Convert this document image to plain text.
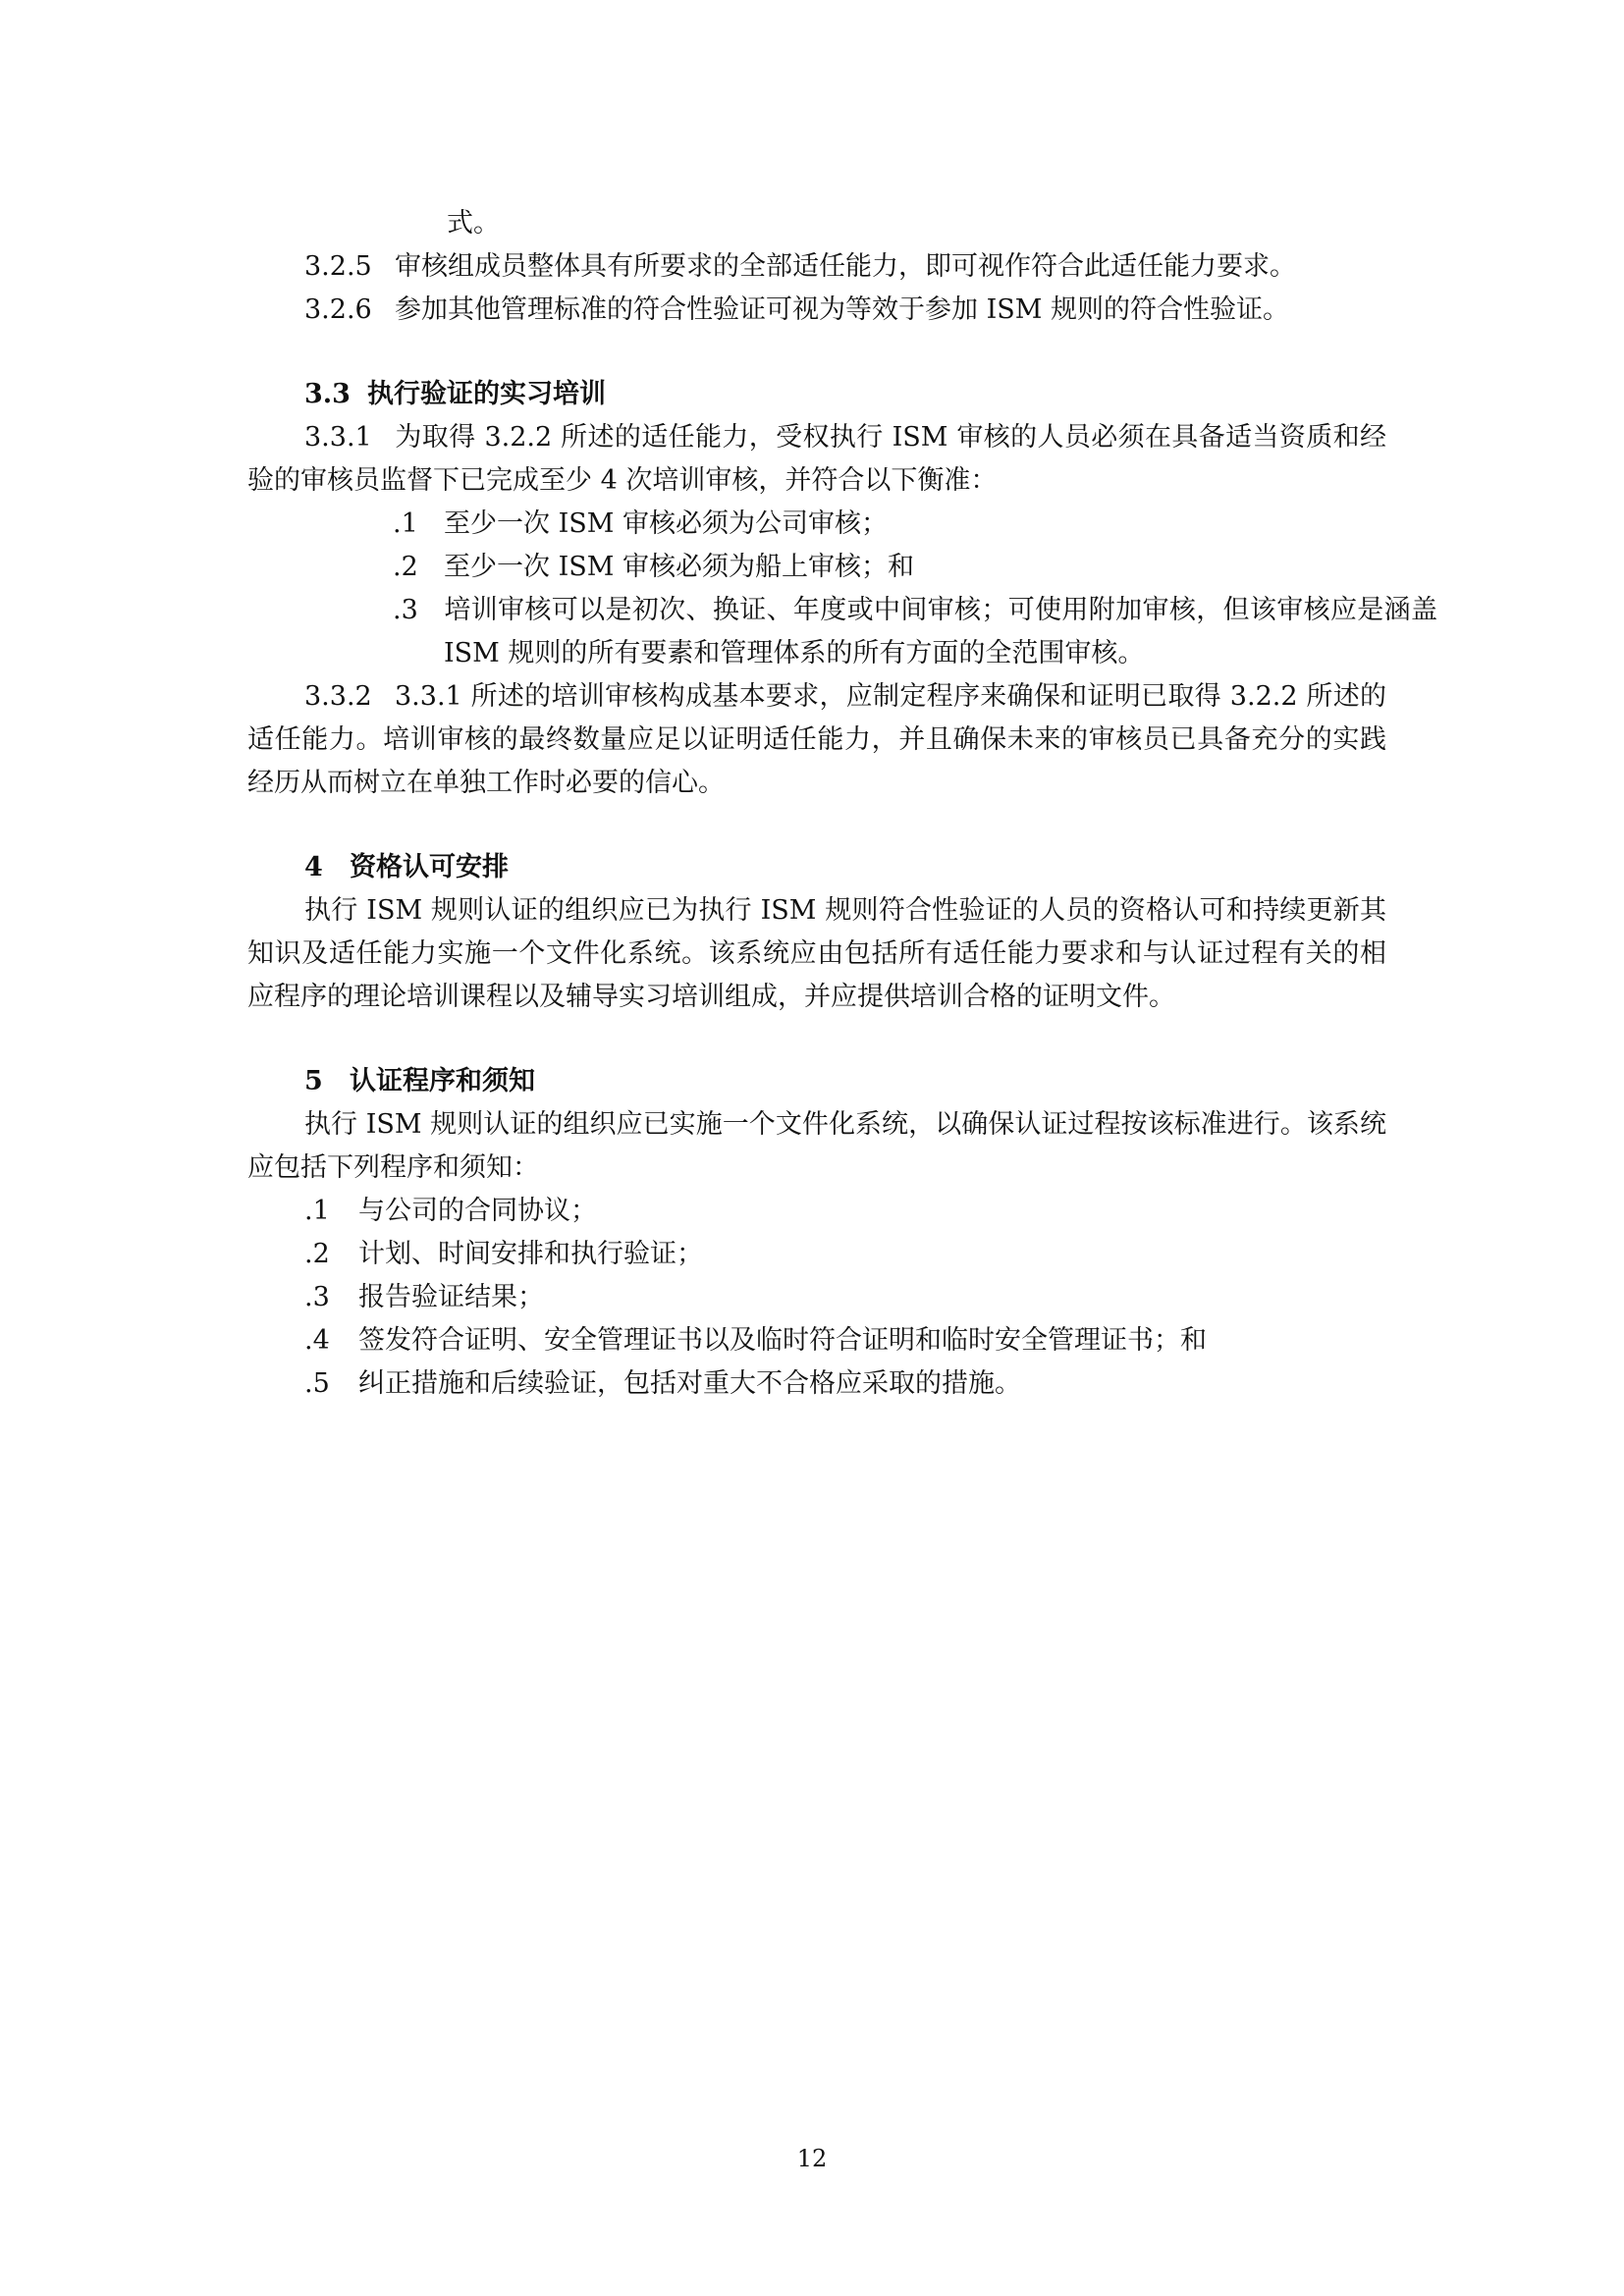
式。
3.2.5 审核组成员整体具有所要求的全部适任能力，即可视作符合此适任能力要求。
3.2.6 参加其他管理标准的符合性验证可视为等效于参加 ISM 规则的符合性验证。
3.3 执行验证的实习培训
3.3.1 为取得 3.2.2 所述的适任能力，受权执行 ISM 审核的人员必须在具备适当资质和经验的审核员监督下已完成至少 4 次培训审核，并符合以下衡准：
.1 至少一次 ISM 审核必须为公司审核；
.2 至少一次 ISM 审核必须为船上审核；和
.3 培训审核可以是初次、换证、年度或中间审核；可使用附加审核，但该审核应是涵盖 ISM 规则的所有要素和管理体系的所有方面的全范围审核。
3.3.2 3.3.1 所述的培训审核构成基本要求，应制定程序来确保和证明已取得 3.2.2 所述的适任能力。培训审核的最终数量应足以证明适任能力，并且确保未来的审核员已具备充分的实践经历从而树立在单独工作时必要的信心。
4 资格认可安排
执行 ISM 规则认证的组织应已为执行 ISM 规则符合性验证的人员的资格认可和持续更新其知识及适任能力实施一个文件化系统。该系统应由包括所有适任能力要求和与认证过程有关的相应程序的理论培训课程以及辅导实习培训组成，并应提供培训合格的证明文件。
5 认证程序和须知
执行 ISM 规则认证的组织应已实施一个文件化系统，以确保认证过程按该标准进行。该系统应包括下列程序和须知：
.1 与公司的合同协议；
.2 计划、时间安排和执行验证；
.3 报告验证结果；
.4 签发符合证明、安全管理证书以及临时符合证明和临时安全管理证书；和
.5 纠正措施和后续验证，包括对重大不合格应采取的措施。
12
